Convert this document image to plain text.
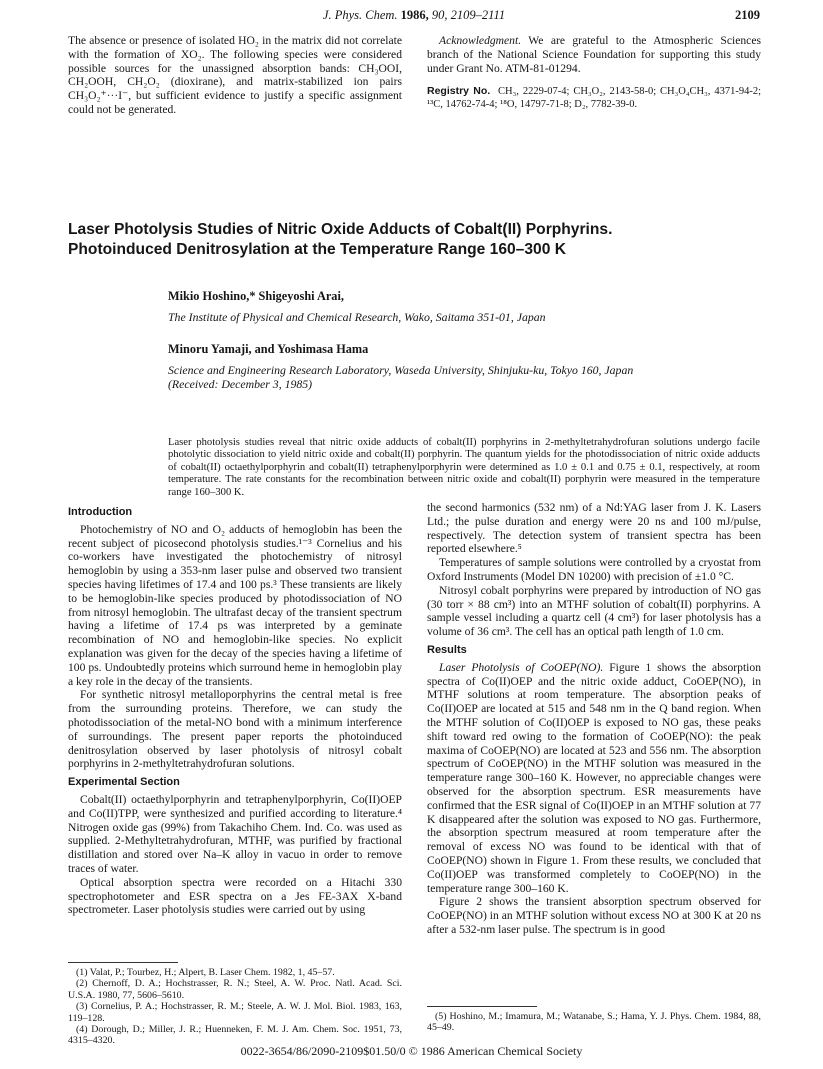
J. Phys. Chem. 1986, 90, 2109–2111	2109

The absence or presence of isolated HO₂ in the matrix did not correlate with the formation of XO₂. The following species were considered possible sources for the unassigned absorption bands: CH₃OOI, CH₂OOH, CH₂O₂ (dioxirane), and matrix-stabilized ion pairs CH₃O₂⁺···I⁻, but sufficient evidence to justify a specific assignment could not be generated.

Acknowledgment. We are grateful to the Atmospheric Sciences branch of the National Science Foundation for supporting this study under Grant No. ATM-81-01294.

Registry No. CH₃, 2229-07-4; CH₃O₂, 2143-58-0; CH₃O₄CH₃, 4371-94-2; ¹³C, 14762-74-4; ¹⁸O, 14797-71-8; D₂, 7782-39-0.
Laser Photolysis Studies of Nitric Oxide Adducts of Cobalt(II) Porphyrins.
Photoinduced Denitrosylation at the Temperature Range 160–300 K
Mikio Hoshino,* Shigeyoshi Arai,
The Institute of Physical and Chemical Research, Wako, Saitama 351-01, Japan
Minoru Yamaji, and Yoshimasa Hama
Science and Engineering Research Laboratory, Waseda University, Shinjuku-ku, Tokyo 160, Japan
(Received: December 3, 1985)
Laser photolysis studies reveal that nitric oxide adducts of cobalt(II) porphyrins in 2-methyltetrahydrofuran solutions undergo facile photolytic dissociation to yield nitric oxide and cobalt(II) porphyrin. The quantum yields for the photodissociation of nitric oxide adducts of cobalt(II) octaethylporphyrin and cobalt(II) tetraphenylporphyrin were determined as 1.0 ± 0.1 and 0.75 ± 0.1, respectively, at room temperature. The rate constants for the recombination between nitric oxide and cobalt(II) porphyrin were measured in the temperature range 160–300 K.
Introduction

Photochemistry of NO and O₂ adducts of hemoglobin has been the recent subject of picosecond photolysis studies.¹⁻³ Cornelius and his co-workers have investigated the photochemistry of nitrosyl hemoglobin by using a 353-nm laser pulse and observed two transient species having lifetimes of 17.4 and 100 ps.³ These transients are likely to be hemoglobin-like species produced by photodissociation of NO from nitrosyl hemoglobin. The ultrafast decay of the transient spectrum having a lifetime of 17.4 ps was interpreted by a geminate recombination of NO and hemoglobin-like species. No explicit explanation was given for the decay of the species having a lifetime of 100 ps. Undoubtedly proteins which surround heme in hemoglobin play a key role in the decay of the transients.

For synthetic nitrosyl metalloporphyrins the central metal is free from the surrounding proteins. Therefore, we can study the photodissociation of the metal-NO bond with a minimum interference of surroundings. The present paper reports the photoinduced denitrosylation observed by laser photolysis of nitrosyl cobalt porphyrins in 2-methyltetrahydrofuran solutions.

Experimental Section

Cobalt(II) octaethylporphyrin and tetraphenylporphyrin, Co(II)OEP and Co(II)TPP, were synthesized and purified according to literature.⁴ Nitrogen oxide gas (99%) from Takachiho Chem. Ind. Co. was used as supplied. 2-Methyltetrahydrofuran, MTHF, was purified by fractional distillation and stored over Na–K alloy in vacuo in order to remove traces of water.

Optical absorption spectra were recorded on a Hitachi 330 spectrophotometer and ESR spectra on a Jes FE-3AX X-band spectrometer. Laser photolysis studies were carried out by using

(1) Valat, P.; Tourbez, H.; Alpert, B. Laser Chem. 1982, 1, 45–57.

(2) Chernoff, D. A.; Hochstrasser, R. N.; Steel, A. W. Proc. Natl. Acad. Sci. U.S.A. 1980, 77, 5606–5610.

(3) Cornelius, P. A.; Hochstrasser, R. M.; Steele, A. W. J. Mol. Biol. 1983, 163, 119–128.

(4) Dorough, D.; Miller, J. R.; Huenneken, F. M. J. Am. Chem. Soc. 1951, 73, 4315–4320.

the second harmonics (532 nm) of a Nd:YAG laser from J. K. Lasers Ltd.; the pulse duration and energy were 20 ns and 100 mJ/pulse, respectively. The detection system of transient spectra has been reported elsewhere.⁵

Temperatures of sample solutions were controlled by a cryostat from Oxford Instruments (Model DN 10200) with precision of ±1.0 °C.

Nitrosyl cobalt porphyrins were prepared by introduction of NO gas (30 torr × 88 cm³) into an MTHF solution of cobalt(II) porphyrins. A sample vessel including a quartz cell (4 cm³) for laser photolysis has a volume of 36 cm³. The cell has an optical path length of 1.0 cm.

Results

Laser Photolysis of CoOEP(NO). Figure 1 shows the absorption spectra of Co(II)OEP and the nitric oxide adduct, CoOEP(NO), in MTHF solutions at room temperature. The absorption peaks of Co(II)OEP are located at 515 and 548 nm in the Q band region. When the MTHF solution of Co(II)OEP is exposed to NO gas, these peaks shift toward red owing to the formation of CoOEP(NO): the peak maxima of CoOEP(NO) are located at 523 and 556 nm. The absorption spectrum of CoOEP(NO) in the MTHF solution was measured in the temperature range 300–160 K. However, no appreciable changes were observed for the absorption spectrum. ESR measurements have confirmed that the ESR signal of Co(II)OEP in an MTHF solution at 77 K disappeared after the solution was exposed to NO gas. Furthermore, the absorption spectrum measured at room temperature after the removal of excess NO was found to be identical with that of CoOEP(NO) shown in Figure 1. From these results, we concluded that Co(II)OEP was transformed completely to CoOEP(NO) in the temperature range 300–160 K.

Figure 2 shows the transient absorption spectrum observed for CoOEP(NO) in an MTHF solution without excess NO at 300 K at 20 ns after a 532-nm laser pulse. The spectrum is in good

(5) Hoshino, M.; Imamura, M.; Watanabe, S.; Hama, Y. J. Phys. Chem. 1984, 88, 45–49.

0022-3654/86/2090-2109$01.50/0 © 1986 American Chemical Society
